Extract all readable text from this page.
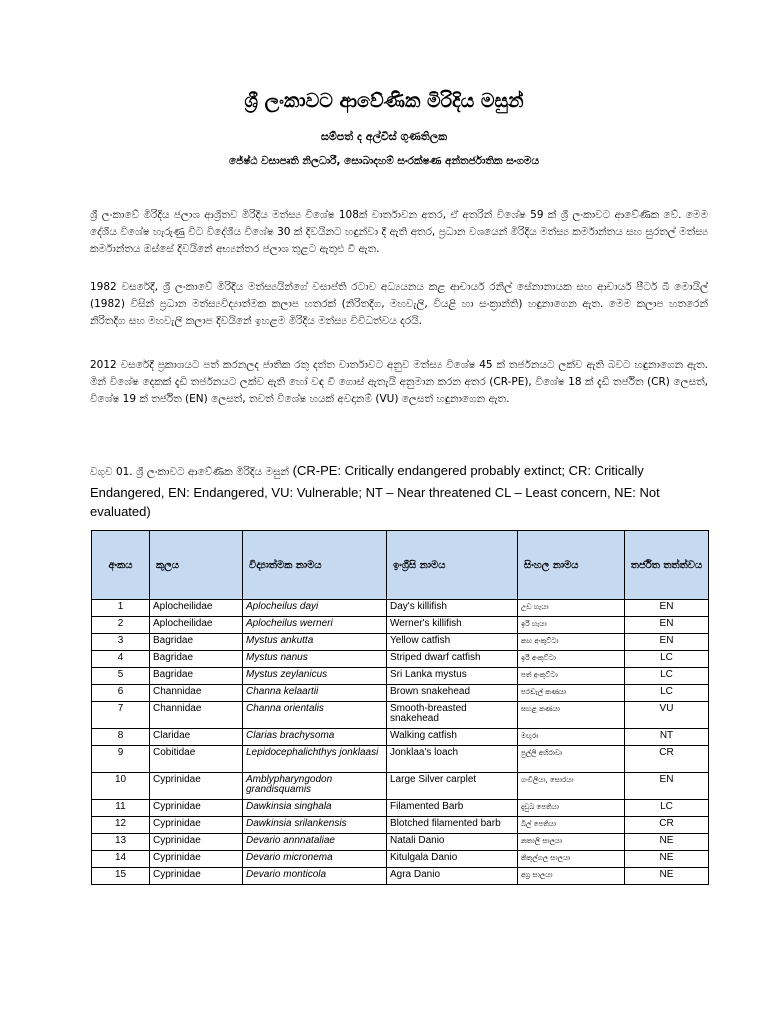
ශ්‍රී ලංකාවට ආවේණික මිරිදිය මසුන්
සම්පත් ද අල්විස් ගුණතිලක
ජේෂ්ඨ වසාපෘති නිලධාරී, සොබාදහම් සංරක්ෂණ අන්තර්ජාතික සංගමය

ශ්‍රී ලංකාවේ මිරිදිය ජලාශ ආශ්‍රිතව මිරිදිය මත්ස්‍ය විශේෂ 108ක් වාර්තාවන අතර, ඒ අතරින් විශේෂ 59 ක් ශ්‍රී ලංකාවට ආවේණික වේ. මෙම දේශීය විශේෂ හැරුණු විට විදේශීය විශේෂ 30 ක් දිවයිනට හඳුන්වා දී ඇති අතර, ප්‍රධාන වශයෙන් මිරිදිය මත්ස්‍ය කර්මාන්තය සහ සුරතල් මත්ස්‍ය කර්මාන්තය ඔස්සේ දිවයිනේ අභ්‍යන්තර ජලාශ තුළට ඇතුළු වී ඇත.

1982 වසරේදී, ශ්‍රී ලංකාවේ මිරිදිය මත්ස්‍යයින්ගේ වසාප්ති රටාව අධ්‍යයනය කළ ආචාර්ය රනිල් සේනානායක සහ ආචාර්ය පීටර් බී මොයිල් (1982) විසින් ප්‍රධාන මත්ස්‍යවිද්‍යාත්මක කලාප හතරක් (නිරිතදිග, මහවැලි, වියළි හා සංක්‍රාන්ති) හඳුනාගෙන ඇත. මෙම කලාප හතරෙන් නිරිතදිග සහ මහවැලි කලාප දිවයිනේ ඉහළම මිරිදිය මත්ස්‍ය විවිධත්වය දරයි.

2012 වසරේදී ප්‍රකාශයට පත් කරනලද ජාතික රතු දත්ත වාර්තාවට අනුව මත්ස්‍ය විශේෂ 45 ක් තර්ජනයට ලක්ව ඇති බවට හඳුනාගෙන ඇත. මින් විශේෂ දෙකක් දැඩි තර්ජනයට ලක්ව ඇති හෝ වඳ වී ගොස් ඇතැයි අනුමාන කරන අතර (CR-PE), විශේෂ 18 ක් දැඩි තර්ජිත (CR) ලෙසත්, විශේෂ 19 ක් තර්ජිත (EN) ලෙසත්, තවත් විශේෂ හයක් අවදානම් (VU) ලෙසත් හඳුනාගෙන ඇත.

වගුව 01. ශ්‍රී ලංකාවට ආවේණික මිරිදිය මසුන් (CR-PE: Critically endangered probably extinct; CR: Critically Endangered, EN: Endangered, VU: Vulnerable; NT – Near threatened CL – Least concern, NE: Not evaluated)

අංකය	කුලය	විද්‍යාත්මක නාමය	ඉංග්‍රීසි නාමය	සිංහල නාමය	තර්ජිත තත්ත්වය
1	Aplocheilidae	Aplocheilus dayi	Day's killifish	උඩ හැයා	EN
2	Aplocheilidae	Aplocheilus werneri	Werner's killifish	ඉරි හැයා	EN
3	Bagridae	Mystus ankutta	Yellow catfish	කහ අංකුට්ටා	EN
4	Bagridae	Mystus nanus	Striped dwarf catfish	ඉරි අංකුට්ටා	LC
5	Bagridae	Mystus zeylanicus	Sri Lanka mystus	පත් අංකුට්ටා	LC
6	Channidae	Channa kelaartii	Brown snakehead	පරඬැල් කණයා	LC
7	Channidae	Channa orientalis	Smooth-breasted snakehead	ඝහළ කණයා	VU
8	Claridae	Clarias brachysoma	Walking catfish	මඟුරා	NT
9	Cobitidae	Lepidocephalichthys jonklaasi	Jonklaa's loach	පුල්ලි අහිරාවා	CR
10	Cyprinidae	Amblypharyngodon grandisquamis	Large Silver carplet	ගංවීලියා, සොරයා	EN
11	Cyprinidae	Dawkinsia singhala	Filamented Barb	දැඩුඛ පෙතියා	LC
12	Cyprinidae	Dawkinsia srilankensis	Blotched filamented barb	බිල් පෙතියා	CR
13	Cyprinidae	Devario annnataliae	Natali Danio	නතාලි සාලයා	NE
14	Cyprinidae	Devario micronema	Kitulgala Danio	කිතුල්ගල සාලයා	NE
15	Cyprinidae	Devario monticola	Agra Danio	අග්‍ර සාලයා	NE
